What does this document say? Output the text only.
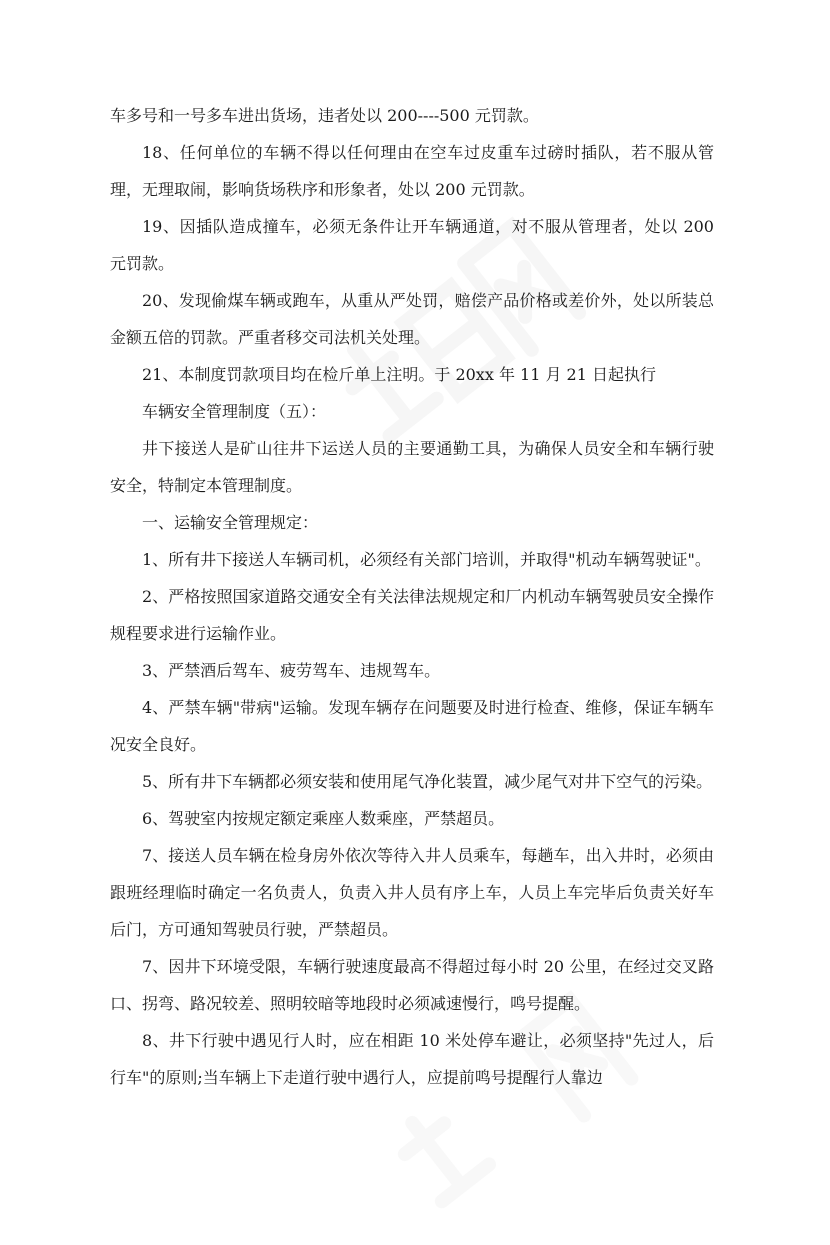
车多号和一号多车进出货场，违者处以 200----500 元罚款。

18、任何单位的车辆不得以任何理由在空车过皮重车过磅时插队，若不服从管理，无理取闹，影响货场秩序和形象者，处以 200 元罚款。

19、因插队造成撞车，必须无条件让开车辆通道，对不服从管理者，处以 200 元罚款。

20、发现偷煤车辆或跑车，从重从严处罚，赔偿产品价格或差价外，处以所装总金额五倍的罚款。严重者移交司法机关处理。

21、本制度罚款项目均在检斤单上注明。于 20xx 年 11 月 21 日起执行

车辆安全管理制度（五）：

井下接送人是矿山往井下运送人员的主要通勤工具，为确保人员安全和车辆行驶安全，特制定本管理制度。

一、运输安全管理规定：

1、所有井下接送人车辆司机，必须经有关部门培训，并取得"机动车辆驾驶证"。

2、严格按照国家道路交通安全有关法律法规规定和厂内机动车辆驾驶员安全操作规程要求进行运输作业。

3、严禁酒后驾车、疲劳驾车、违规驾车。

4、严禁车辆"带病"运输。发现车辆存在问题要及时进行检查、维修，保证车辆车况安全良好。

5、所有井下车辆都必须安装和使用尾气净化装置，减少尾气对井下空气的污染。

6、驾驶室内按规定额定乘座人数乘座，严禁超员。

7、接送人员车辆在检身房外依次等待入井人员乘车，每趟车，出入井时，必须由跟班经理临时确定一名负责人，负责入井人员有序上车，人员上车完毕后负责关好车后门，方可通知驾驶员行驶，严禁超员。

7、因井下环境受限，车辆行驶速度最高不得超过每小时 20 公里，在经过交叉路口、拐弯、路况较差、照明较暗等地段时必须减速慢行，鸣号提醒。

8、井下行驶中遇见行人时，应在相距 10 米处停车避让，必须坚持"先过人，后行车"的原则;当车辆上下走道行驶中遇行人，应提前鸣号提醒行人靠边
